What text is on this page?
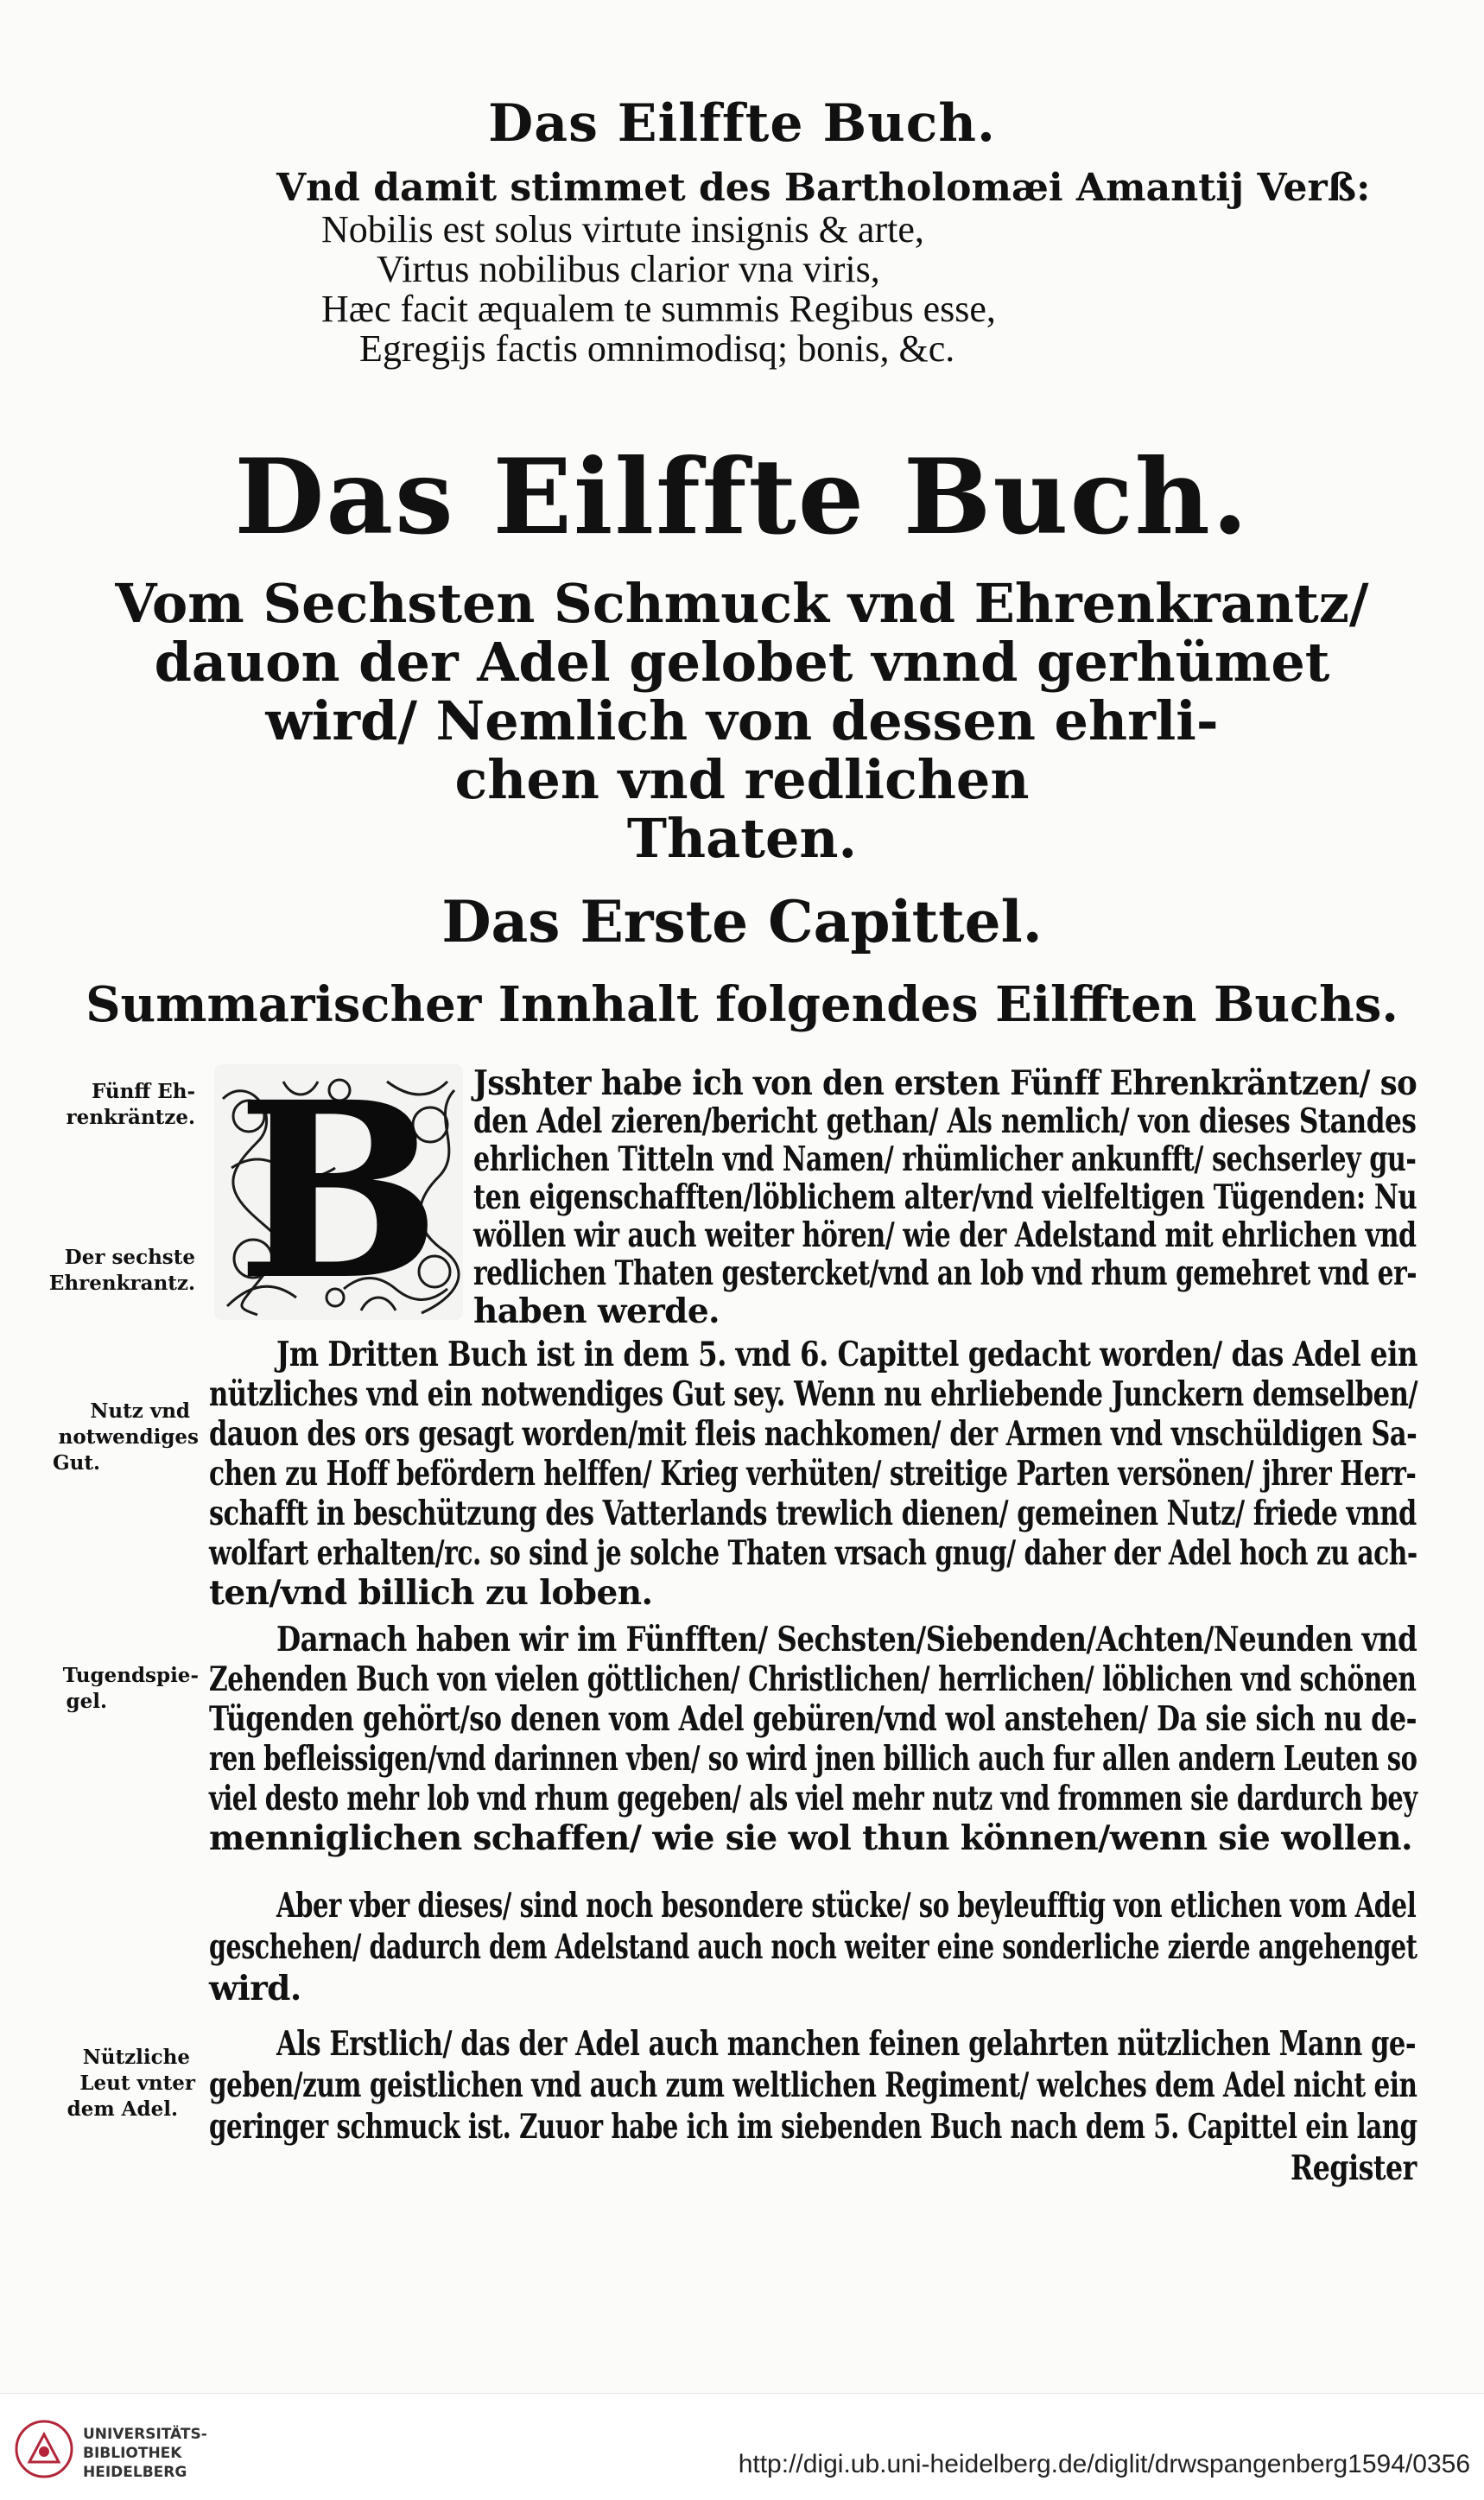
Das Eilffte Buch.
Vnd damit stimmet des Bartholomæi Amantij Verß:
Nobilis est solus virtute insignis & arte,
Virtus nobilibus clarior vna viris,
Hæc facit æqualem te summis Regibus esse,
Egregijs factis omnimodisq; bonis, &c.
Das Eilffte Buch.
Vom Sechsten Schmuck vnd Ehrenkrantz/
dauon der Adel gelobet vnnd gerhümet
wird/ Nemlich von dessen ehrli-
chen vnd redlichen
Thaten.
Das Erste Capittel.
Summarischer Innhalt folgendes Eilfften Buchs.
B
Fünff Eh-
renkräntze.
Der sechste
Ehrenkrantz.
Nutz vnd
notwendiges
Gut.
Tugendspie-
gel.
Nützliche
Leut vnter
dem Adel.
Jsshter habe ich von den ersten Fünff Ehrenkräntzen/ so
den Adel zieren/bericht gethan/ Als nemlich/ von dieses Standes
ehrlichen Titteln vnd Namen/ rhümlicher ankunfft/ sechserley gu-
ten eigenschafften/löblichem alter/vnd vielfeltigen Tügenden: Nu
wöllen wir auch weiter hören/ wie der Adelstand mit ehrlichen vnd
redlichen Thaten gestercket/vnd an lob vnd rhum gemehret vnd er-
haben werde.
Jm Dritten Buch ist in dem 5. vnd 6. Capittel gedacht worden/ das Adel ein
nützliches vnd ein notwendiges Gut sey. Wenn nu ehrliebende Junckern demselben/
dauon des ors gesagt worden/mit fleis nachkomen/ der Armen vnd vnschüldigen Sa-
chen zu Hoff befördern helffen/ Krieg verhüten/ streitige Parten versönen/ jhrer Herr-
schafft in beschützung des Vatterlands trewlich dienen/ gemeinen Nutz/ friede vnnd
wolfart erhalten/rc. so sind je solche Thaten vrsach gnug/ daher der Adel hoch zu ach-
ten/vnd billich zu loben.
Darnach haben wir im Fünfften/ Sechsten/Siebenden/Achten/Neunden vnd
Zehenden Buch von vielen göttlichen/ Christlichen/ herrlichen/ löblichen vnd schönen
Tügenden gehört/so denen vom Adel gebüren/vnd wol anstehen/ Da sie sich nu de-
ren befleissigen/vnd darinnen vben/ so wird jnen billich auch fur allen andern Leuten so
viel desto mehr lob vnd rhum gegeben/ als viel mehr nutz vnd frommen sie dardurch bey
menniglichen schaffen/ wie sie wol thun können/wenn sie wollen.
Aber vber dieses/ sind noch besondere stücke/ so beyleufftig von etlichen vom Adel
geschehen/ dadurch dem Adelstand auch noch weiter eine sonderliche zierde angehenget
wird.
Als Erstlich/ das der Adel auch manchen feinen gelahrten nützlichen Mann ge-
geben/zum geistlichen vnd auch zum weltlichen Regiment/ welches dem Adel nicht ein
geringer schmuck ist. Zuuor habe ich im siebenden Buch nach dem 5. Capittel ein lang
Register
UNIVERSITÄTS-
BIBLIOTHEK
HEIDELBERG	http://digi.ub.uni-heidelberg.de/diglit/drwspangenberg1594/0356
